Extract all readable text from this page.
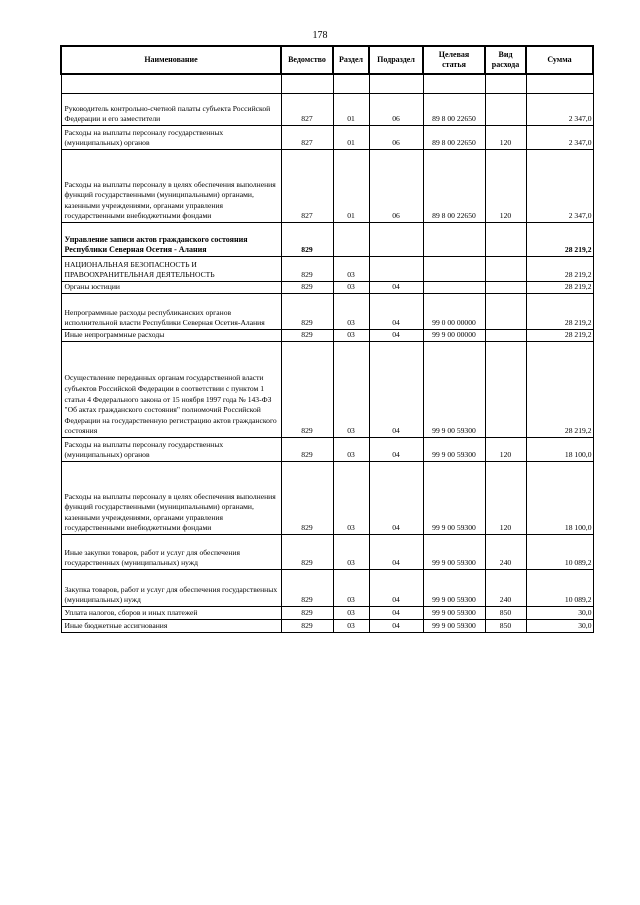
178
Наименование	Ведомство	Раздел	Подраздел	Целевая статья	Вид расхода	Сумма

Руководитель контрольно-счетной палаты субъекта Российской Федерации и его заместители	827	01	06	89 8 00 22650		2 347,0
Расходы на выплаты персоналу государственных (муниципальных) органов	827	01	06	89 8 00 22650	120	2 347,0
Расходы на выплаты персоналу в целях обеспечения выполнения функций государственными (муниципальными) органами, казенными учреждениями, органами управления государственными внебюджетными фондами	827	01	06	89 8 00 22650	120	2 347,0
Управление записи актов гражданского состояния Республики Северная Осетия - Алания	829					28 219,2
НАЦИОНАЛЬНАЯ БЕЗОПАСНОСТЬ И ПРАВООХРАНИТЕЛЬНАЯ ДЕЯТЕЛЬНОСТЬ	829	03				28 219,2
Органы юстиции	829	03	04			28 219,2
Непрограммные расходы республиканских органов исполнительной власти Республики Северная Осетия-Алания	829	03	04	99 0 00 00000		28 219,2
Иные непрограммные расходы	829	03	04	99 9 00 00000		28 219,2
Осуществление переданных органам государственной власти субъектов Российской Федерации в соответствии с пунктом 1 статьи 4 Федерального закона от 15 ноября 1997 года № 143-ФЗ "Об актах гражданского состояния" полномочий Российской Федерации на государственную регистрацию актов гражданского состояния	829	03	04	99 9 00 59300		28 219,2
Расходы на выплаты персоналу государственных (муниципальных) органов	829	03	04	99 9 00 59300	120	18 100,0
Расходы на выплаты персоналу в целях обеспечения выполнения функций государственными (муниципальными) органами, казенными учреждениями, органами управления государственными внебюджетными фондами	829	03	04	99 9 00 59300	120	18 100,0
Иные закупки товаров, работ и услуг для обеспечения государственных (муниципальных) нужд	829	03	04	99 9 00 59300	240	10 089,2
Закупка товаров, работ и услуг для обеспечения государственных (муниципальных) нужд	829	03	04	99 9 00 59300	240	10 089,2
Уплата налогов, сборов и иных платежей	829	03	04	99 9 00 59300	850	30,0
Иные бюджетные ассигнования	829	03	04	99 9 00 59300	850	30,0
